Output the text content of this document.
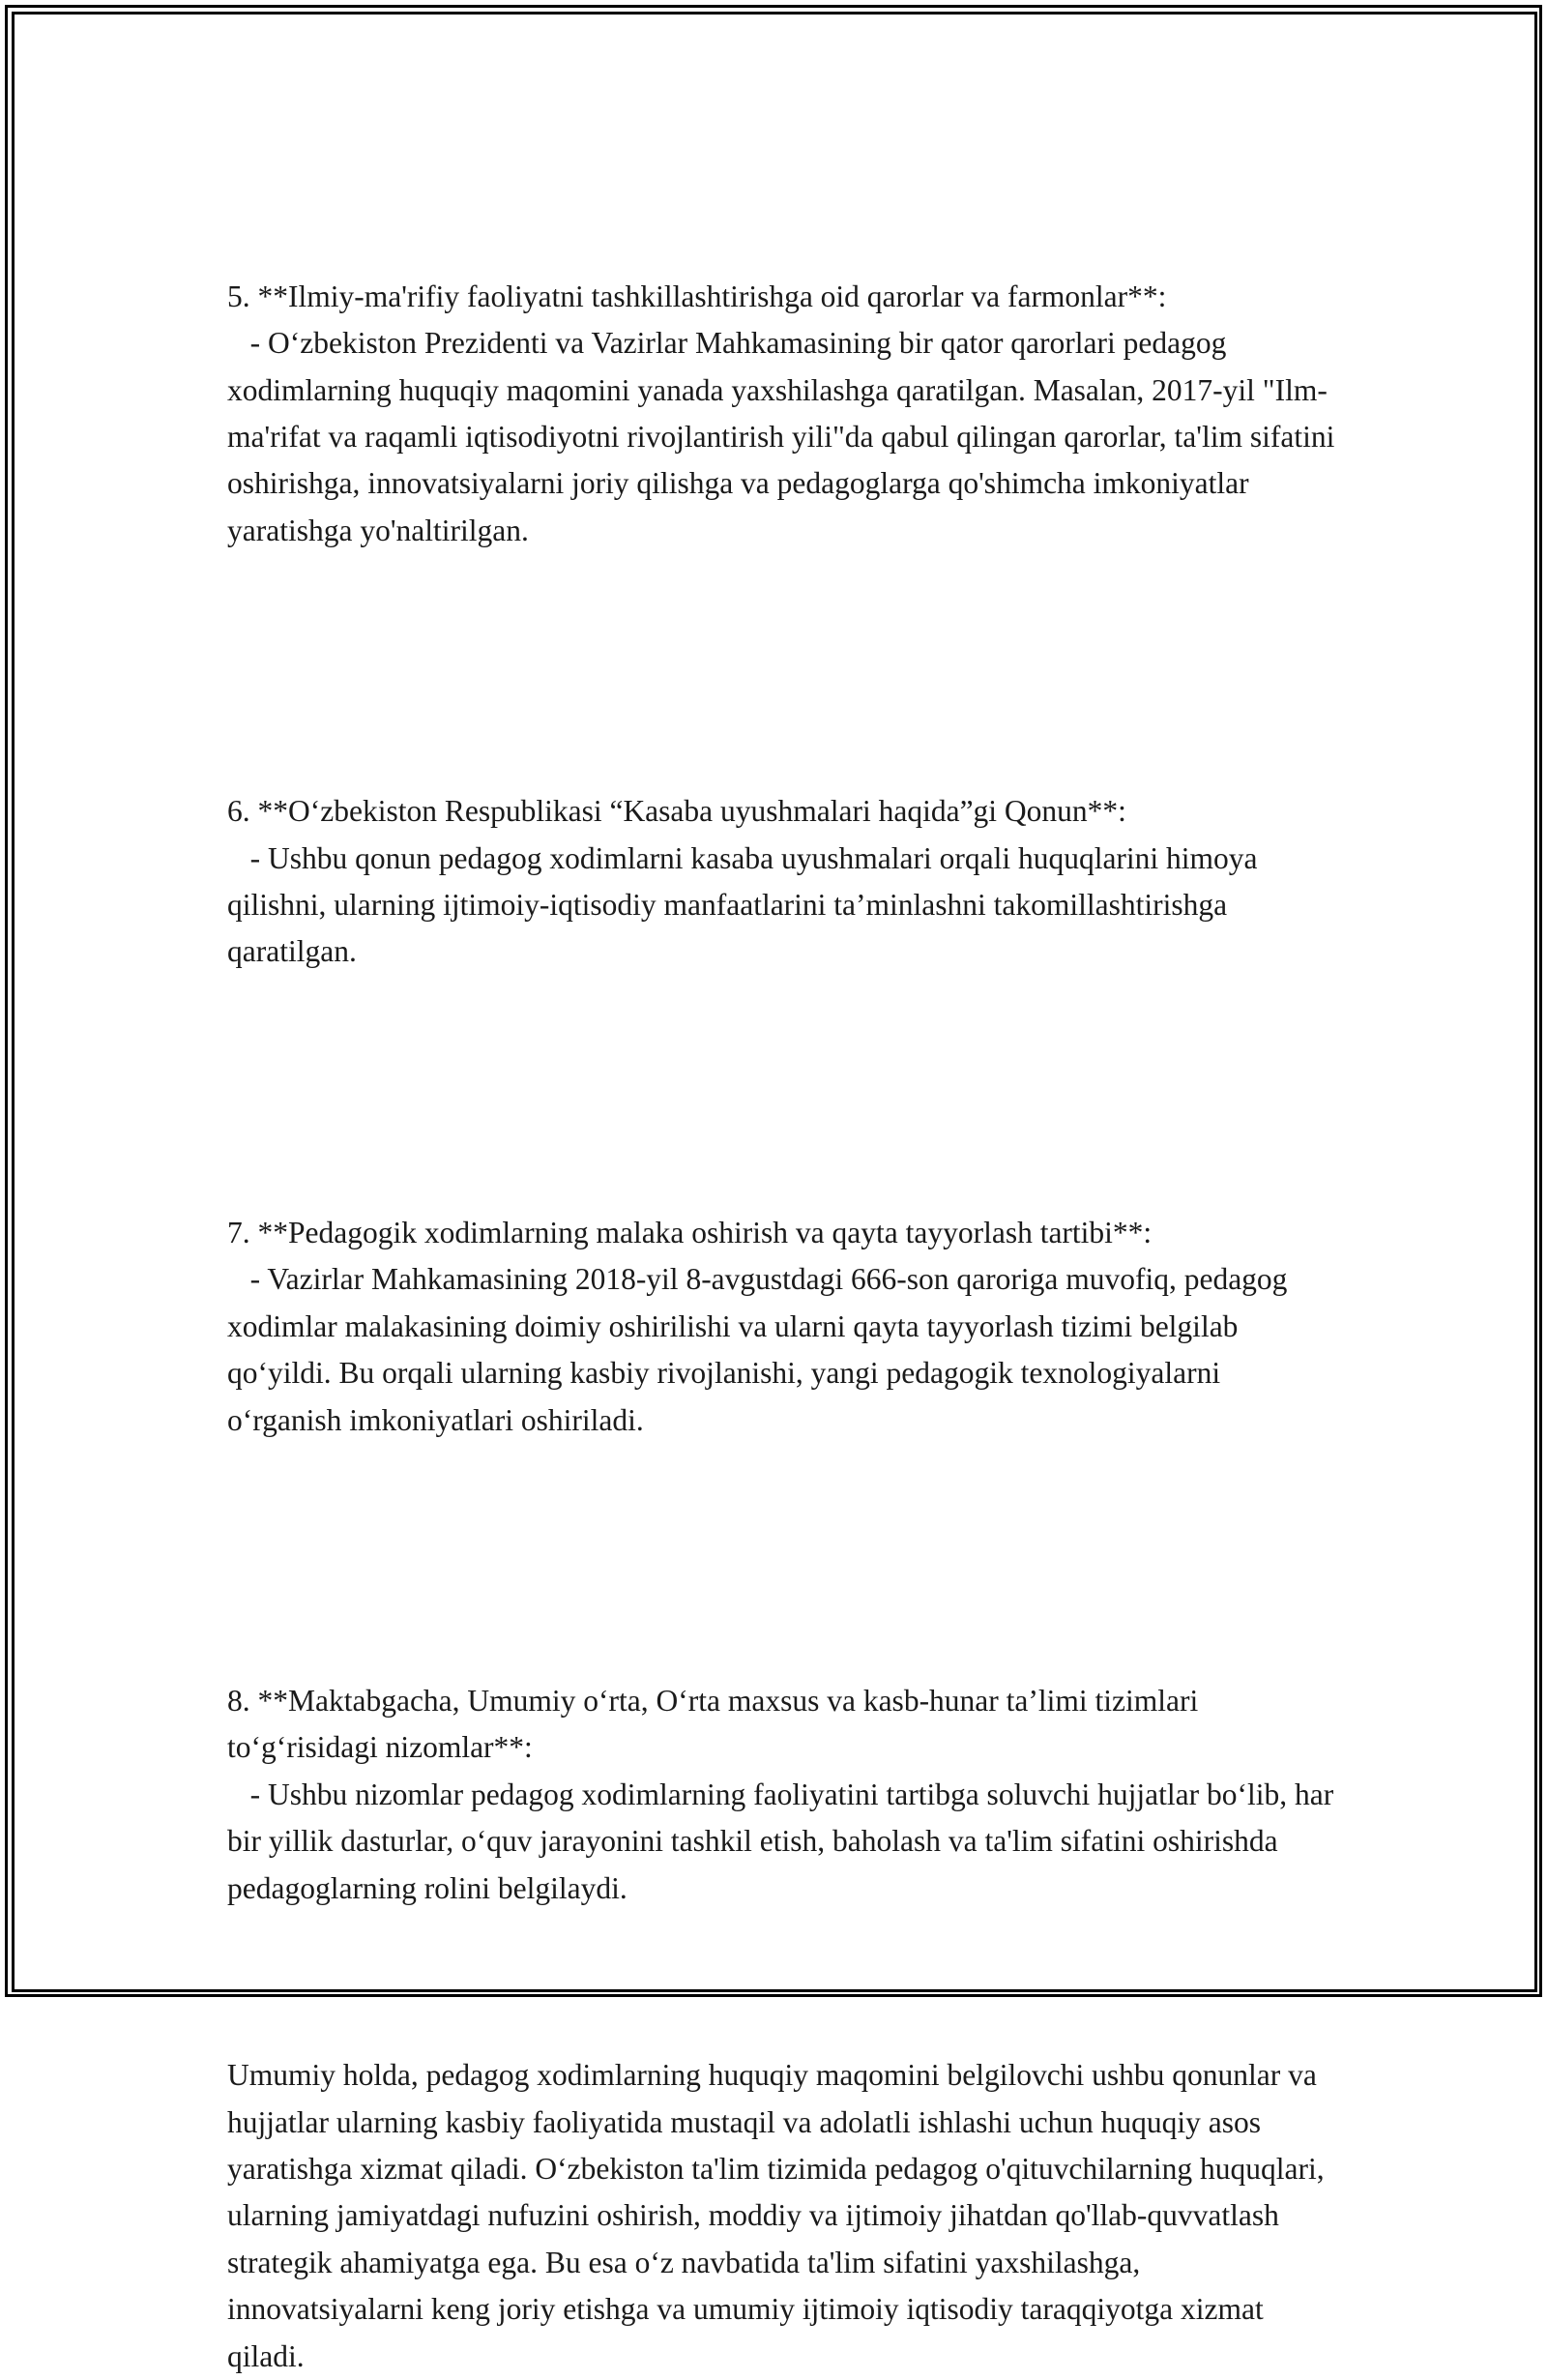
5. **Ilmiy-ma'rifiy faoliyatni tashkillashtirishga oid qarorlar va farmonlar**:
- O‘zbekiston Prezidenti va Vazirlar Mahkamasining bir qator qarorlari pedagog xodimlarning huquqiy maqomini yanada yaxshilashga qaratilgan. Masalan, 2017-yil "Ilm-ma'rifat va raqamli iqtisodiyotni rivojlantirish yili"da qabul qilingan qarorlar, ta'lim sifatini oshirishga, innovatsiyalarni joriy qilishga va pedagoglarga qo'shimcha imkoniyatlar yaratishga yo'naltirilgan.

6. **O‘zbekiston Respublikasi “Kasaba uyushmalari haqida”gi Qonun**:
- Ushbu qonun pedagog xodimlarni kasaba uyushmalari orqali huquqlarini himoya qilishni, ularning ijtimoiy-iqtisodiy manfaatlarini ta’minlashni takomillashtirishga qaratilgan.

7. **Pedagogik xodimlarning malaka oshirish va qayta tayyorlash tartibi**:
- Vazirlar Mahkamasining 2018-yil 8-avgustdagi 666-son qaroriga muvofiq, pedagog xodimlar malakasining doimiy oshirilishi va ularni qayta tayyorlash tizimi belgilab qo‘yildi. Bu orqali ularning kasbiy rivojlanishi, yangi pedagogik texnologiyalarni o‘rganish imkoniyatlari oshiriladi.

8. **Maktabgacha, Umumiy o‘rta, O‘rta maxsus va kasb-hunar ta’limi tizimlari to‘g‘risidagi nizomlar**:
- Ushbu nizomlar pedagog xodimlarning faoliyatini tartibga soluvchi hujjatlar bo‘lib, har bir yillik dasturlar, o‘quv jarayonini tashkil etish, baholash va ta'lim sifatini oshirishda pedagoglarning rolini belgilaydi.

Umumiy holda, pedagog xodimlarning huquqiy maqomini belgilovchi ushbu qonunlar va hujjatlar ularning kasbiy faoliyatida mustaqil va adolatli ishlashi uchun huquqiy asos yaratishga xizmat qiladi. O‘zbekiston ta'lim tizimida pedagog o'qituvchilarning huquqlari, ularning jamiyatdagi nufuzini oshirish, moddiy va ijtimoiy jihatdan qo'llab-quvvatlash strategik ahamiyatga ega. Bu esa o‘z navbatida ta'lim sifatini yaxshilashga, innovatsiyalarni keng joriy etishga va umumiy ijtimoiy iqtisodiy taraqqiyotga xizmat qiladi.
